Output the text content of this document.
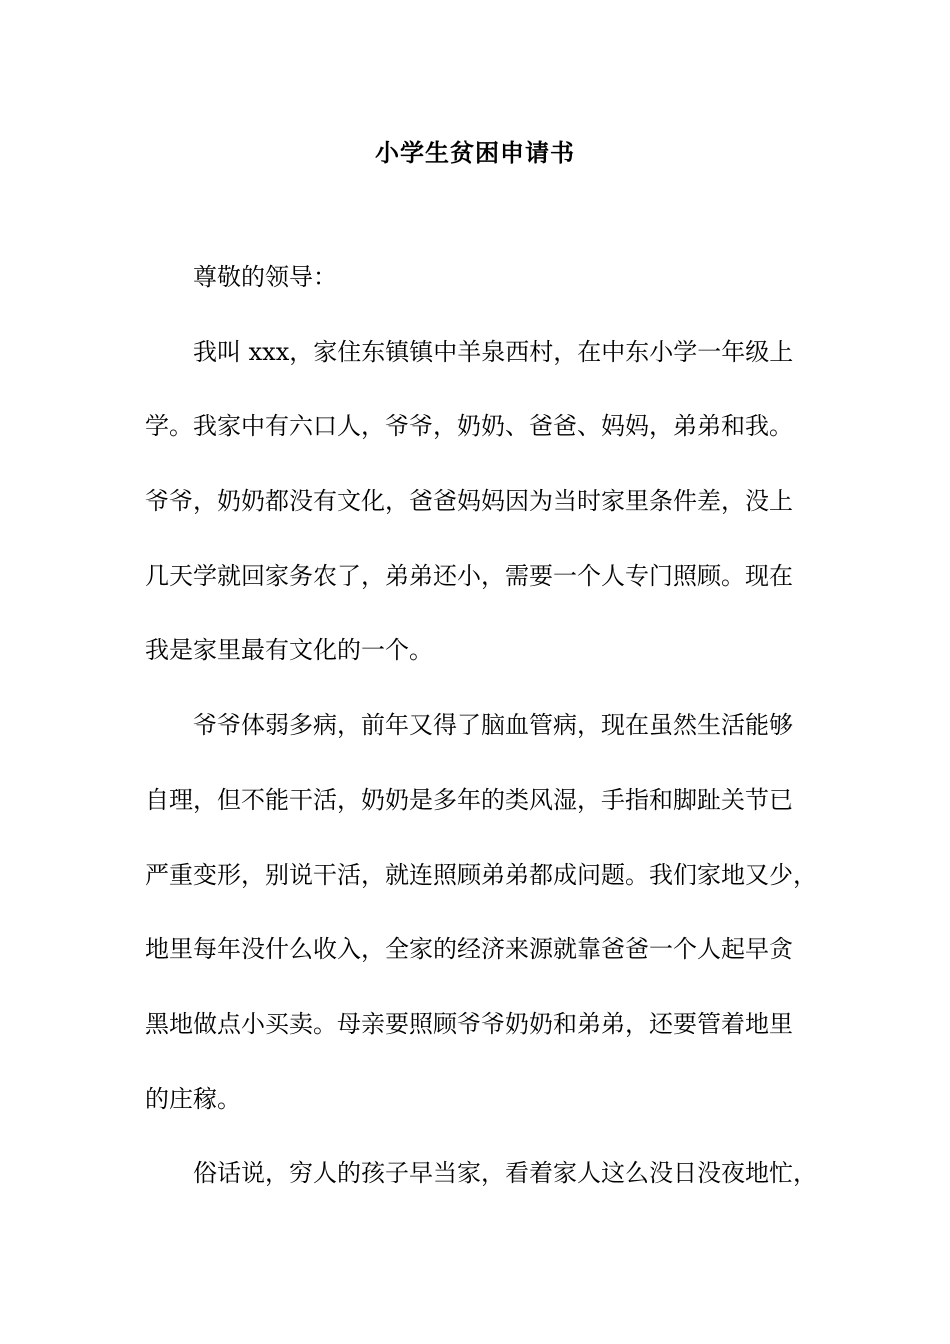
小学生贫困申请书
尊敬的领导：
我叫 xxx，家住东镇镇中羊泉西村，在中东小学一年级上
学。我家中有六口人，爷爷，奶奶、爸爸、妈妈，弟弟和我。
爷爷，奶奶都没有文化，爸爸妈妈因为当时家里条件差，没上
几天学就回家务农了，弟弟还小，需要一个人专门照顾。现在
我是家里最有文化的一个。
爷爷体弱多病，前年又得了脑血管病，现在虽然生活能够
自理，但不能干活，奶奶是多年的类风湿，手指和脚趾关节已
严重变形，别说干活，就连照顾弟弟都成问题。我们家地又少，
地里每年没什么收入，全家的经济来源就靠爸爸一个人起早贪
黑地做点小买卖。母亲要照顾爷爷奶奶和弟弟，还要管着地里
的庄稼。
俗话说，穷人的孩子早当家，看着家人这么没日没夜地忙，
